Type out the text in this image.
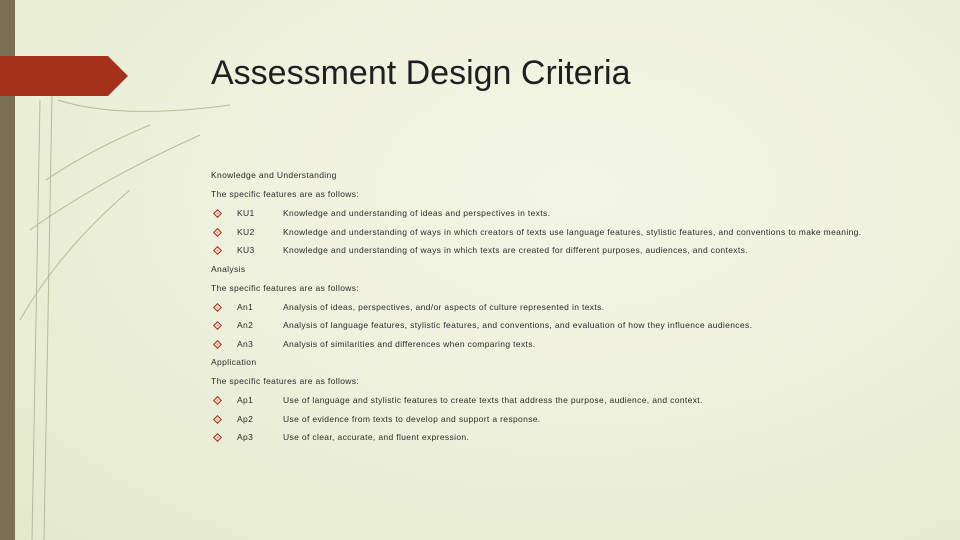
Assessment Design Criteria
Knowledge and Understanding
The specific features are as follows:
KU1	Knowledge and understanding of ideas and perspectives in texts.
KU2	Knowledge and understanding of ways in which creators of texts use language features, stylistic features, and conventions to make meaning.
KU3	Knowledge and understanding of ways in which texts are created for different purposes, audiences, and contexts.
Analysis
The specific features are as follows:
An1	Analysis of ideas, perspectives, and/or aspects of culture represented in texts.
An2	Analysis of language features, stylistic features, and conventions, and evaluation of how they influence audiences.
An3	Analysis of similarities and differences when comparing texts.
Application
The specific features are as follows:
Ap1	Use of language and stylistic features to create texts that address the purpose, audience, and context.
Ap2	Use of evidence from texts to develop and support a response.
Ap3	Use of clear, accurate, and fluent expression.
